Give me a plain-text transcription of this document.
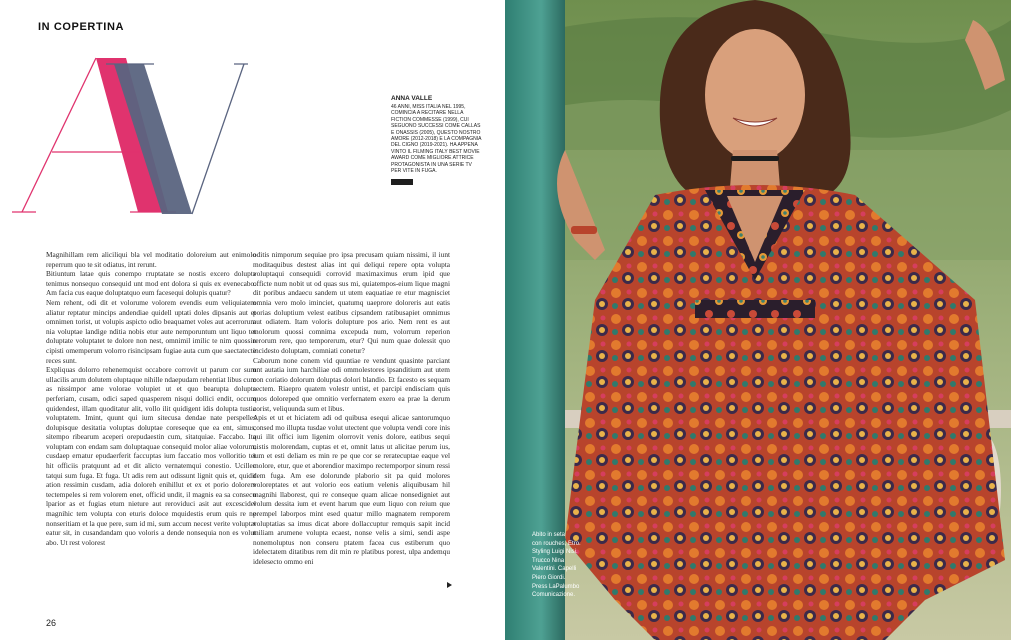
IN COPERTINA
ANNA VALLE
46 ANNI, MISS ITALIA NEL 1995, COMINCIA A RECITARE NELLA FICTION COMMESSE (1999), CUI SEGUONO SUCCESSI COME CALLAS E ONASSIS (2005), QUESTO NOSTRO AMORE (2012-2018) E LA COMPAGNIA DEL CIGNO (2019-2021). HA APPENA VINTO IL FILMING ITALY BEST MOVIE AWARD COME MIGLIORE ATTRICE PROTAGONISTA IN UNA SERIE TV PER VITE IN FUGA.

Magnihillam rem aliciliqui bla vel moditatio doloreium aut enimolo reperrum quo te sit odiatus, int rerunt.

Bitiuntum latae quis conempo rruptatate se nostis excero dolupta tenimus nonsequo consequid unt mod ent dolora si quis ex evenecabo. Am facia cus eaque doluptatquo eum facesequi dolupis quatur?

Nem rehent, odi dit et volorume volorem evendis eum veliquiatem aliatur reptatur mincips andendiae quidell uptati doles dipsanis aut et omnimen torist, ut volupis aspicto odio beaquamet voles aut acerrorum nia voluptae landige nditia nobis etur aute nemporuntum unt liquo tet doluptate voluptatet te dolore non nest, omnimil imilic te nim quossin cipisti omemperum volorro risincipsam fugiae auta cum que saectatecte reces sunt.

Expliquas dolorro rehenemquist occabore corrovit ut parum cor sum ullacilis arum dolutem oluptaque nihille ndaepudam rehentiat libus cum as nissimpor ame volorae volupiet ut et quo bearupta dolupta perferiam, cusam, odici saped quasperem nisqui dollici endit, occum quidendest, illam quoditatur alit, vollo ilit quidigent idis dolupta tustia voluptatem. Imint, quunt qui ium sitecusa dendae nate perspelles dolupisque desitatia voluptas doluptae coreseque que ea ent, simus, sitempo ribearum aceperi orepudaestin cum, sitatquiae. Faccabo. Ita voluptam con endam sam doluptaquae consequid molor aliae volorum, cusdaep ernatur epudaerferit faccuptas ium faccatio mos volloritio tet hit officiis pratquunt ad et dit alicto vernatemqui conestio. Ucillec tatqui sum fuga. Et fuga. Ut adis rem aut odissunt lignit quis et, quidit ation ressimin cusdam, adia doloreh enihillut et ex et porio dolorem tectempeles si rem volorem enet, officid undit, il magnis ea sa consecu lparior as et fugias etum nieture aut reroviduci asit aut excescidel magnihic tem volupta con eturis doloce mquidestis erum quis re ne nonseritiam et la que pere, sum id mi, sum accum necest verite voluptat eatur sit, in cusandandam quo voloris a dende nonsequia non es volut abo. Ut rest volorest

oditis nimporum sequiae pro ipsa precusam quiam nissimi, il iunt moditaquibus destest alias int qui deliqui repere opta volupta voluptaqui consequidi corrovid maximaximus erum ipid que officte num nobit ut od quas sus mi, quiatempos-eium lique magni dit poribus andaecu sandem ut utem eaquatiae re etur magnisciet omnia vero molo iminciet, quatumq uaeprore doloreris aut eatis porias doluptium velest eatibus cipsandem ratibusapiet omnimus aut odiatem. Itam voloris dolupture pos ario. Nem rent es aut molorum quossi comnima excepuda num, volorrum reperion rerorum rere, quo temporerum, etur? Qui num quae dolessit quo incidesto doluptam, comniati conetur?

Caborum none conem vid quuntiae re vendunt quasinte parciant unt autatia ium harchiliae odi ommolestores ipsanditium aut utem con coriatio dolorum doluptas dolori blandio. Et facesto es sequam sectem. Riaepro quatem volestr untist, et parcipi endisciam quis quos doloreped que omnitio verfernatem exero ea prae la derum corist, veliquunda sum et libus.

Apis et ut et hiciatem adi od quibusa esequi alicae santorumquo consed mo illupta tusdae volut utectent que volupta vendi core inis qui ilit offici ium ligenim olorrovit venis dolore, eatibus sequi nistis molorendam, cuptas et et, omnit latus ut alicitae perum ius, ium et esti deliam es min re pe que cor se reratecuptae eaque vel molore, etur, que et aborendior maximpo rectemporpor sinum ressi dem fuga. Am ese dolorunde plaborio sit pa quid molores voloreptates et aut volorio eos eatium velenis aliquibusam hil magnihi llaborest, qui re conseque quam alicae nonsedigniet aut volum dessita ium et event harum que eum liquo con reium que prempel laborpos mint esed quatur millo magnatem remporem voluptatias sa imus dicat abore dollaccuptur remquis sapit incid miliam arumene volupta ecaest, nonse velis a simi, sendi aspe nonemoluptus non conseru ptatem facea cus estiberum quo idelectatem ditatibus rem dit min re platibus porest, ulpa andemqu idelesecto ommo eni

26
Abito in seta
con rouches, Etro.
Styling Luigi Nisi.
Trucco Nina
Valentini. Capelli
Piero Giordi.
Press LaPalumbo
Comunicazione.
